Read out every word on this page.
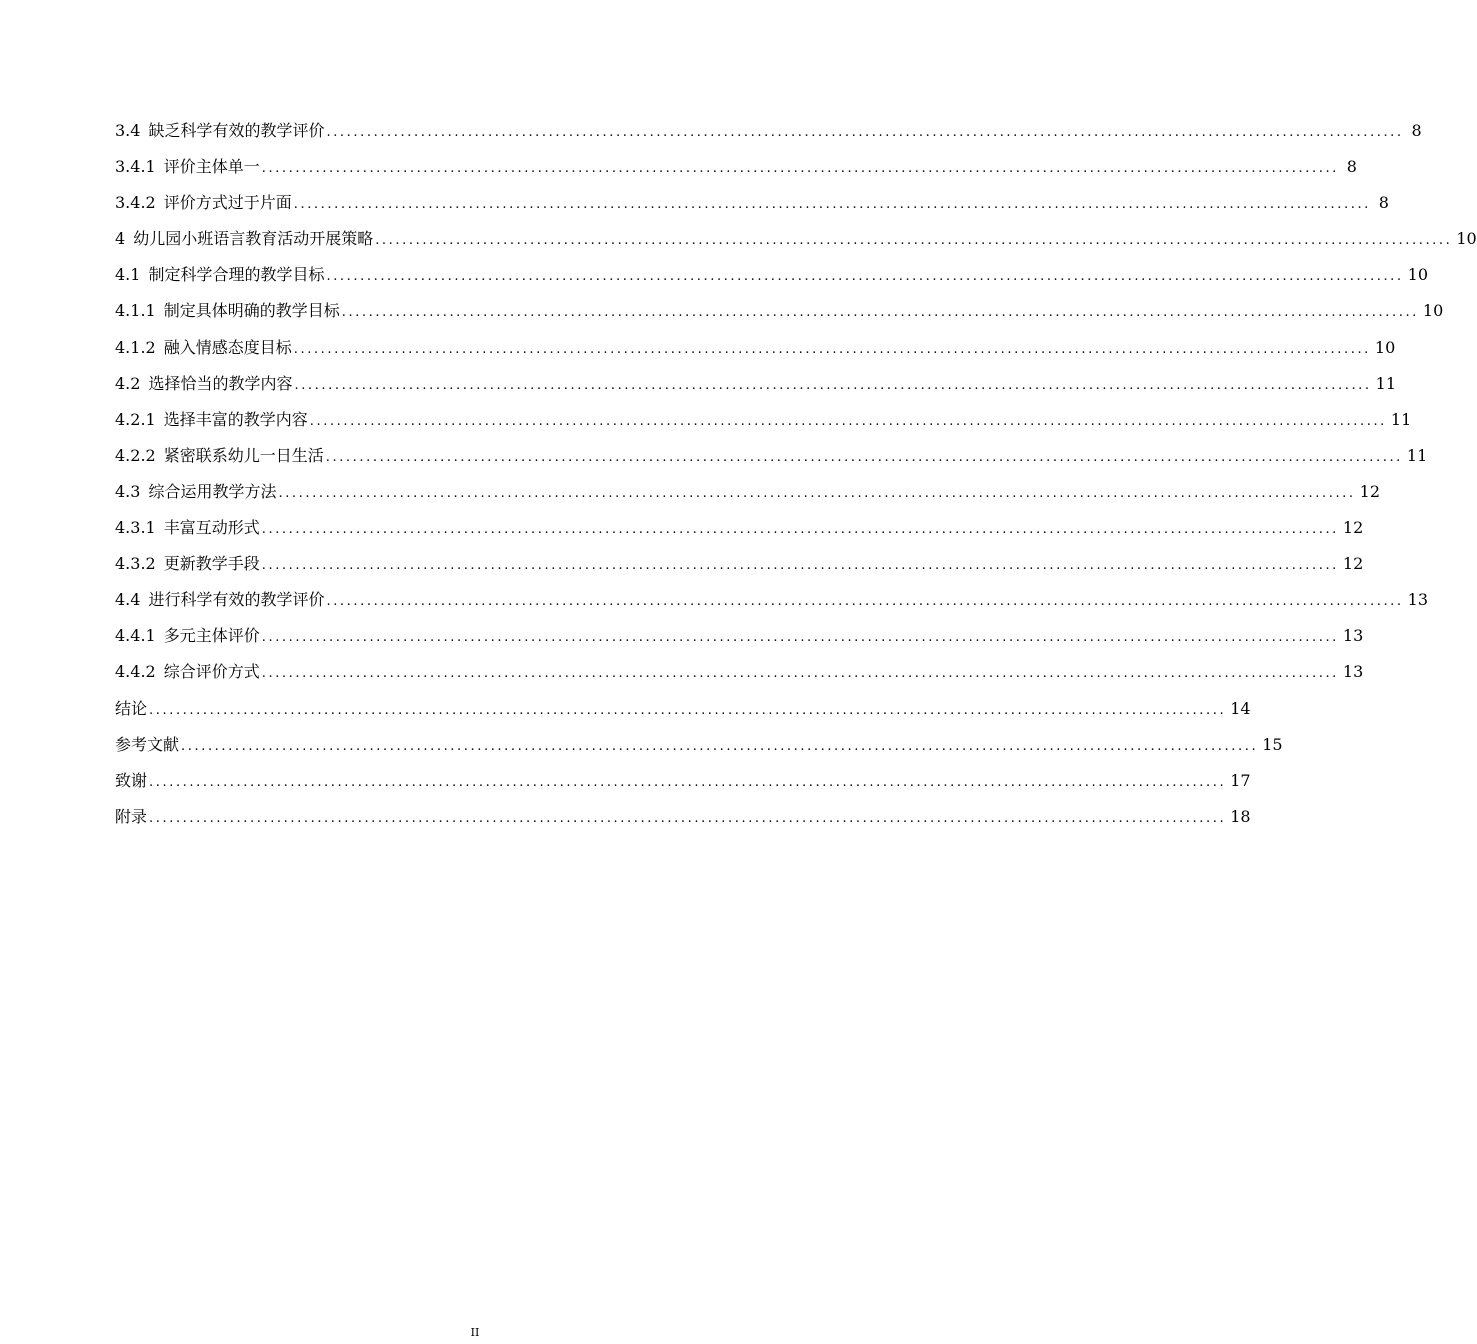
3.4 缺乏科学有效的教学评价 ................................................................................................................................................................ 8
3.4.1 评价主体单一 ................................................................................................................................................................ 8
3.4.2 评价方式过于片面 ................................................................................................................................................................ 8
4 幼儿园小班语言教育活动开展策略 ................................................................................................................................................................ 10
4.1 制定科学合理的教学目标 ................................................................................................................................................................ 10
4.1.1 制定具体明确的教学目标 ................................................................................................................................................................ 10
4.1.2 融入情感态度目标 ................................................................................................................................................................ 10
4.2 选择恰当的教学内容 ................................................................................................................................................................ 11
4.2.1 选择丰富的教学内容 ................................................................................................................................................................ 11
4.2.2 紧密联系幼儿一日生活 ................................................................................................................................................................ 11
4.3 综合运用教学方法 ................................................................................................................................................................ 12
4.3.1 丰富互动形式 ................................................................................................................................................................ 12
4.3.2 更新教学手段 ................................................................................................................................................................ 12
4.4 进行科学有效的教学评价 ................................................................................................................................................................ 13
4.4.1 多元主体评价 ................................................................................................................................................................ 13
4.4.2 综合评价方式 ................................................................................................................................................................ 13
结论 ................................................................................................................................................................ 14
参考文献 ................................................................................................................................................................ 15
致谢 ................................................................................................................................................................ 17
附录 ................................................................................................................................................................ 18
II
